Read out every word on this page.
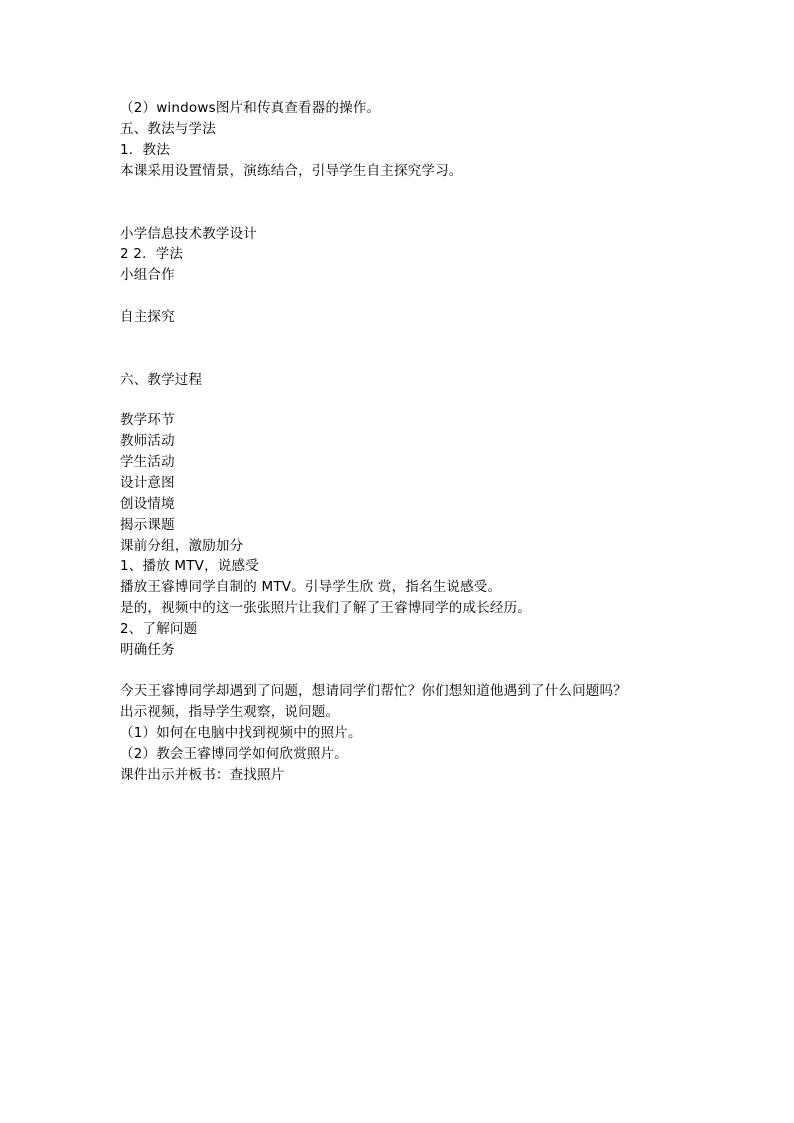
（2）windows图片和传真查看器的操作。
五、教法与学法
1．教法
本课采用设置情景，演练结合，引导学生自主探究学习。
小学信息技术教学设计
2 2．学法
小组合作
自主探究
六、教学过程
教学环节
教师活动
学生活动
设计意图
创设情境
揭示课题
课前分组，激励加分
1、播放 MTV，说感受
播放王睿博同学自制的 MTV。引导学生欣 赏，指名生说感受。
是的，视频中的这一张张照片让我们了解了王睿博同学的成长经历。
2、了解问题
明确任务
今天王睿博同学却遇到了问题，想请同学们帮忙？你们想知道他遇到了什么问题吗？
出示视频，指导学生观察，说问题。
（1）如何在电脑中找到视频中的照片。
（2）教会王睿博同学如何欣赏照片。
课件出示并板书：查找照片
